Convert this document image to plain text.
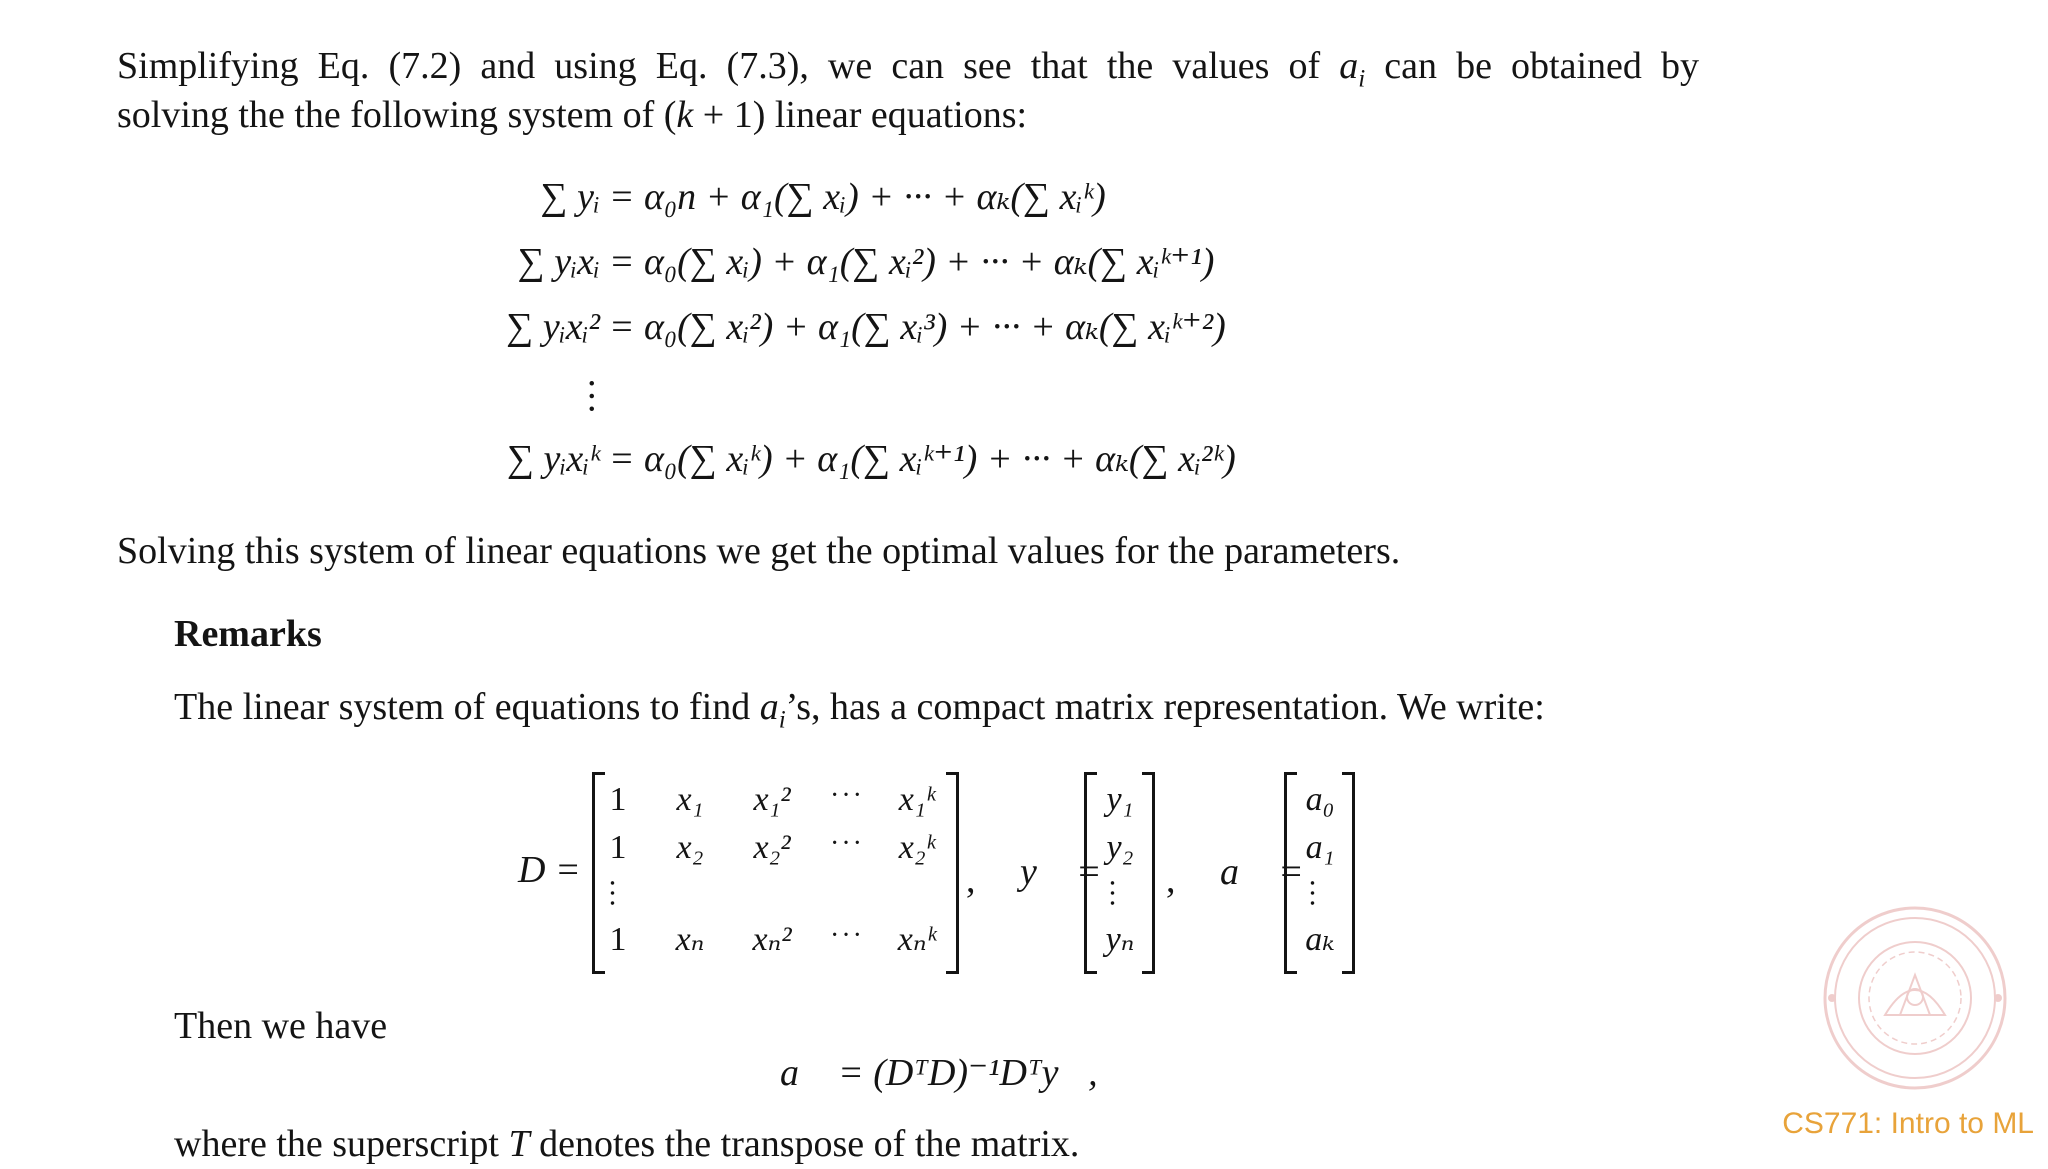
Simplifying Eq. (7.2) and using Eq. (7.3), we can see that the values of $a_i$ can be obtained by
solving the the following system of (k + 1) linear equations:
∑ yᵢ = α₀n + α₁(∑ xᵢ) + ··· + αₖ(∑ xᵢᵏ)
∑ yᵢxᵢ = α₀(∑ xᵢ) + α₁(∑ xᵢ²) + ··· + αₖ(∑ xᵢᵏ⁺¹)
∑ yᵢxᵢ² = α₀(∑ xᵢ²) + α₁(∑ xᵢ³) + ··· + αₖ(∑ xᵢᵏ⁺²)
…
∑ yᵢxᵢᵏ = α₀(∑ xᵢᵏ) + α₁(∑ xᵢᵏ⁺¹) + ··· + αₖ(∑ xᵢ²ᵏ)
Solving this system of linear equations we get the optimal values for the parameters.
Remarks
The linear system of equations to find $a_i’s$, has a compact matrix representation. We write:
D =
1	x₁	x₁²	··· x₁ᵏ
1	x₂	x₂²	··· x₂ᵏ
…
1	xₙ	xₙ²	··· xₙᵏ
, y⃗ =
y₁
y₂
…
yₙ
, a⃗ =
a₀
a₁
…
aₖ
Then we have
a⃗ = (DᵀD)⁻¹Dᵀy⃗,
where the superscript T denotes the transpose of the matrix.	CS771: Intro to ML
